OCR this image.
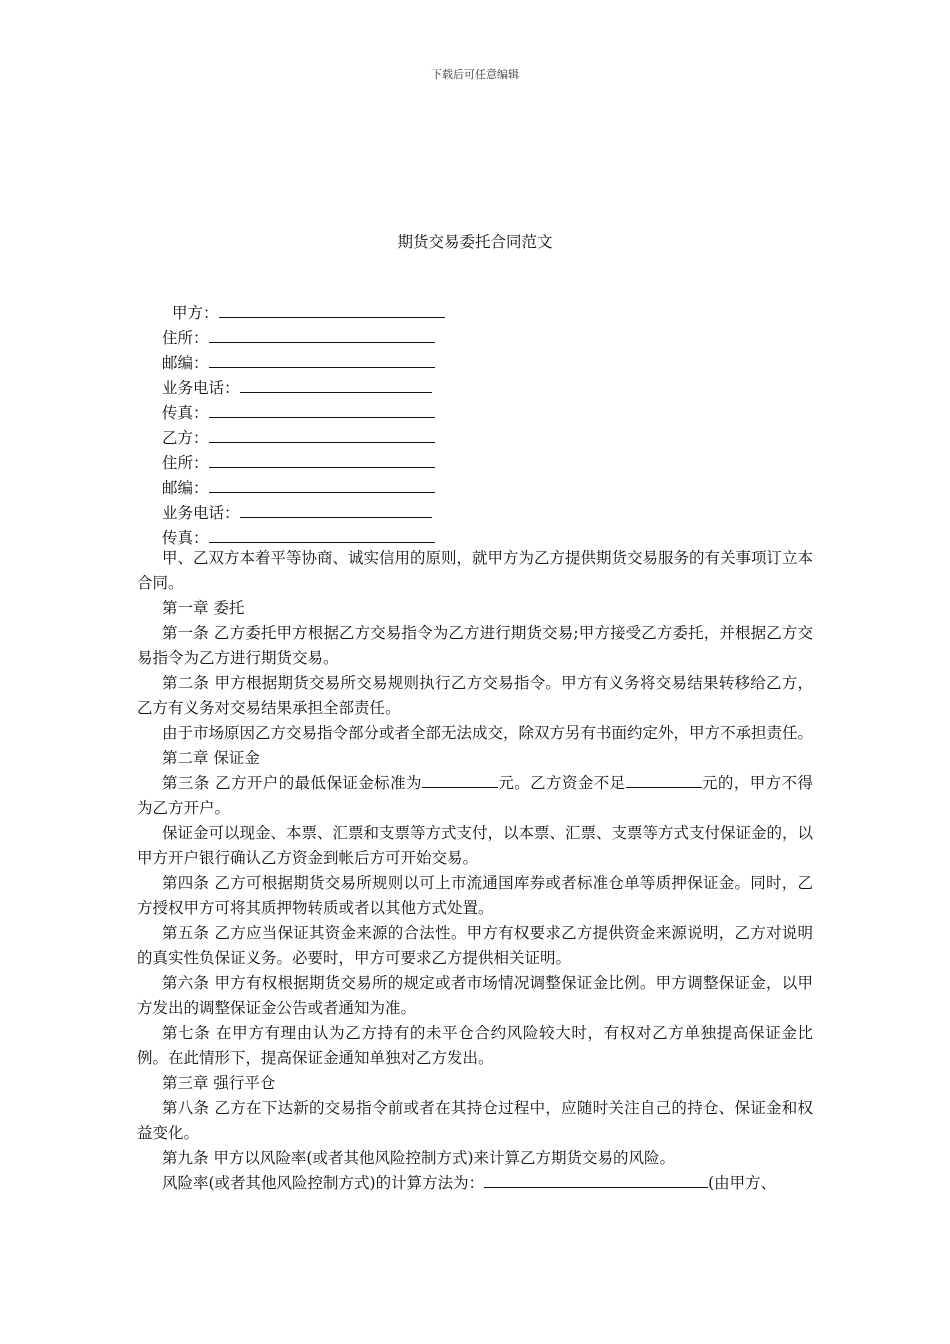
下载后可任意编辑
期货交易委托合同范文
甲方：
住所：
邮编：
业务电话：
传真：
乙方：
住所：
邮编：
业务电话：
传真：

甲、乙双方本着平等协商、诚实信用的原则，就甲方为乙方提供期货交易服务的有关事项订立本合同。

第一章 委托

第一条 乙方委托甲方根据乙方交易指令为乙方进行期货交易;甲方接受乙方委托，并根据乙方交易指令为乙方进行期货交易。

第二条 甲方根据期货交易所交易规则执行乙方交易指令。甲方有义务将交易结果转移给乙方，乙方有义务对交易结果承担全部责任。

由于市场原因乙方交易指令部分或者全部无法成交，除双方另有书面约定外，甲方不承担责任。

第二章 保证金

第三条 乙方开户的最低保证金标准为	元。乙方资金不足	元的，甲方不得为乙方开户。

保证金可以现金、本票、汇票和支票等方式支付，以本票、汇票、支票等方式支付保证金的，以甲方开户银行确认乙方资金到帐后方可开始交易。

第四条 乙方可根据期货交易所规则以可上市流通国库券或者标准仓单等质押保证金。同时，乙方授权甲方可将其质押物转质或者以其他方式处置。

第五条 乙方应当保证其资金来源的合法性。甲方有权要求乙方提供资金来源说明，乙方对说明的真实性负保证义务。必要时，甲方可要求乙方提供相关证明。

第六条 甲方有权根据期货交易所的规定或者市场情况调整保证金比例。甲方调整保证金，以甲方发出的调整保证金公告或者通知为准。

第七条 在甲方有理由认为乙方持有的未平仓合约风险较大时，有权对乙方单独提高保证金比例。在此情形下，提高保证金通知单独对乙方发出。

第三章 强行平仓

第八条 乙方在下达新的交易指令前或者在其持仓过程中，应随时关注自己的持仓、保证金和权益变化。

第九条 甲方以风险率(或者其他风险控制方式)来计算乙方期货交易的风险。

风险率(或者其他风险控制方式)的计算方法为：	(由甲方、
